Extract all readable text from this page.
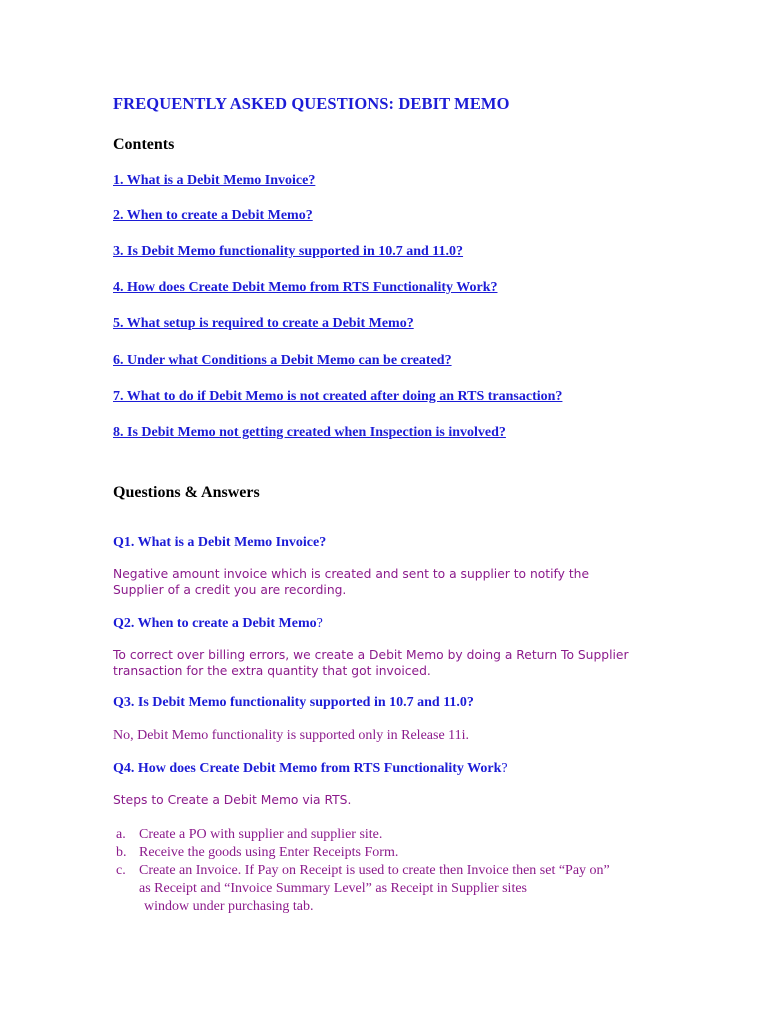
FREQUENTLY ASKED QUESTIONS: DEBIT MEMO
Contents
1. What is a Debit Memo Invoice?
2. When to create a Debit Memo?
3. Is Debit Memo functionality supported in 10.7 and 11.0?
4. How does Create Debit Memo from RTS Functionality Work?
5. What setup is required to create a Debit Memo?
6. Under what Conditions a Debit Memo can be created?
7. What to do if Debit Memo is not created after doing an RTS transaction?
8. Is Debit Memo not getting created when Inspection is involved?
Questions & Answers
Q1. What is a Debit Memo Invoice?
Negative amount invoice which is created and sent to a supplier to notify the
Supplier of a credit you are recording.
Q2. When to create a Debit Memo?
To correct over billing errors, we create a Debit Memo by doing a Return To Supplier
transaction for the extra quantity that got invoiced.
Q3. Is Debit Memo functionality supported in 10.7 and 11.0?
No, Debit Memo functionality is supported only in Release 11i.
Q4. How does Create Debit Memo from RTS Functionality Work?
Steps to Create a Debit Memo via RTS.
a. Create a PO with supplier and supplier site.
b. Receive the goods using Enter Receipts Form.
c. Create an Invoice. If Pay on Receipt is used to create then Invoice then set “Pay on”
as Receipt and “Invoice Summary Level” as Receipt in Supplier sites
window under purchasing tab.
